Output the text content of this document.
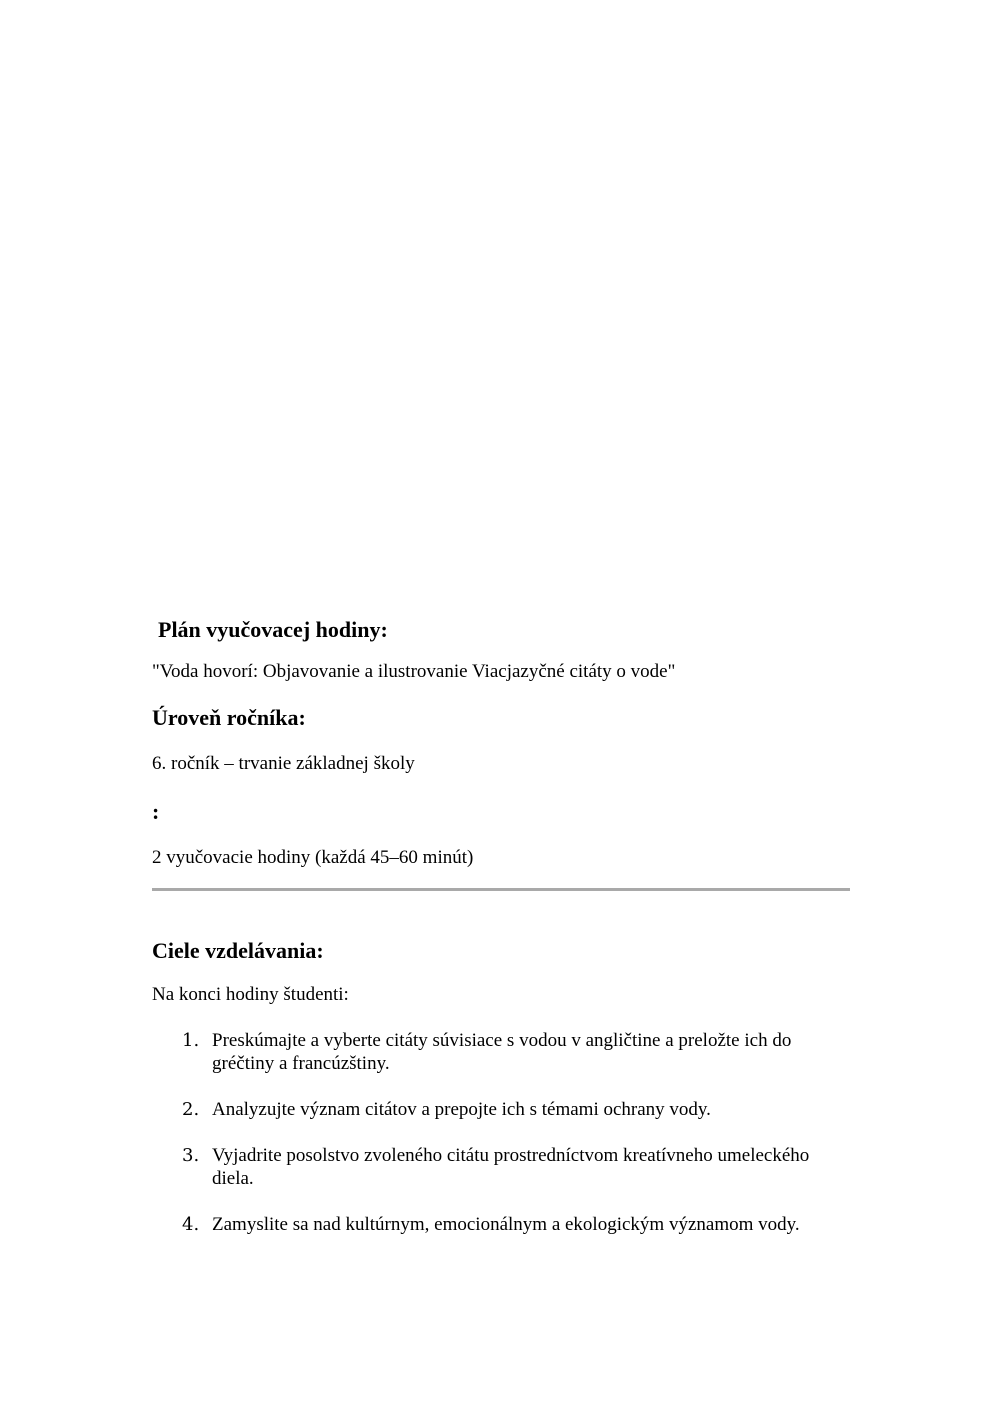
Plán vyučovacej hodiny:

"Voda hovorí: Objavovanie a ilustrovanie Viacjazyčné citáty o vode"

Úroveň ročníka:

6. ročník – trvanie základnej školy

:

2 vyučovacie hodiny (každá 45–60 minút)

Ciele vzdelávania:

Na konci hodiny študenti:

1. Preskúmajte a vyberte citáty súvisiace s vodou v angličtine a preložte ich do gréčtiny a francúzštiny.
2. Analyzujte význam citátov a prepojte ich s témami ochrany vody.
3. Vyjadrite posolstvo zvoleného citátu prostredníctvom kreatívneho umeleckého diela.
4. Zamyslite sa nad kultúrnym, emocionálnym a ekologickým významom vody.
